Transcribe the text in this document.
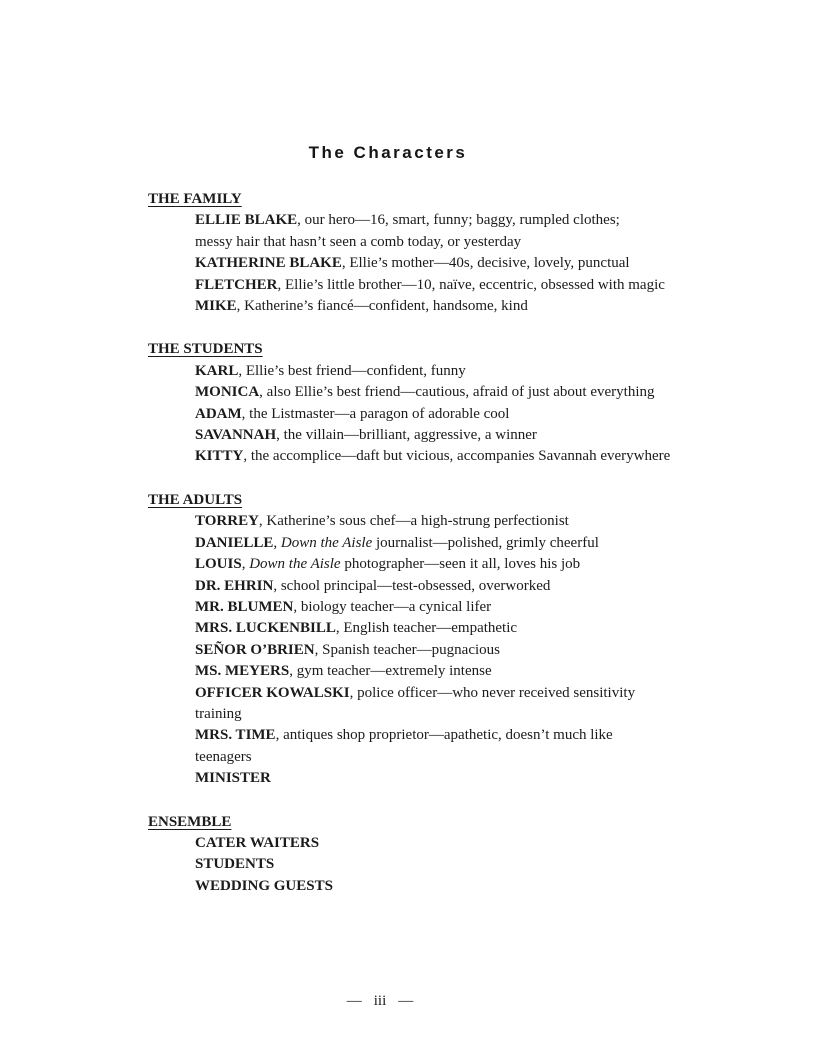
The Characters
THE FAMILY
ELLIE BLAKE, our hero—16, smart, funny; baggy, rumpled clothes;
messy hair that hasn’t seen a comb today, or yesterday
KATHERINE BLAKE, Ellie’s mother—40s, decisive, lovely, punctual
FLETCHER, Ellie’s little brother—10, naïve, eccentric, obsessed with magic
MIKE, Katherine’s fiancé—confident, handsome, kind
THE STUDENTS
KARL, Ellie’s best friend—confident, funny
MONICA, also Ellie’s best friend—cautious, afraid of just about everything
ADAM, the Listmaster—a paragon of adorable cool
SAVANNAH, the villain—brilliant, aggressive, a winner
KITTY, the accomplice—daft but vicious, accompanies Savannah everywhere
THE ADULTS
TORREY, Katherine’s sous chef—a high-strung perfectionist
DANIELLE, Down the Aisle journalist—polished, grimly cheerful
LOUIS, Down the Aisle photographer—seen it all, loves his job
DR. EHRIN, school principal—test-obsessed, overworked
MR. BLUMEN, biology teacher—a cynical lifer
MRS. LUCKENBILL, English teacher—empathetic
SEÑOR O’BRIEN, Spanish teacher—pugnacious
MS. MEYERS, gym teacher—extremely intense
OFFICER KOWALSKI, police officer—who never received sensitivity
training
MRS. TIME, antiques shop proprietor—apathetic, doesn’t much like
teenagers
MINISTER
ENSEMBLE
CATER WAITERS
STUDENTS
WEDDING GUESTS
— iii —
